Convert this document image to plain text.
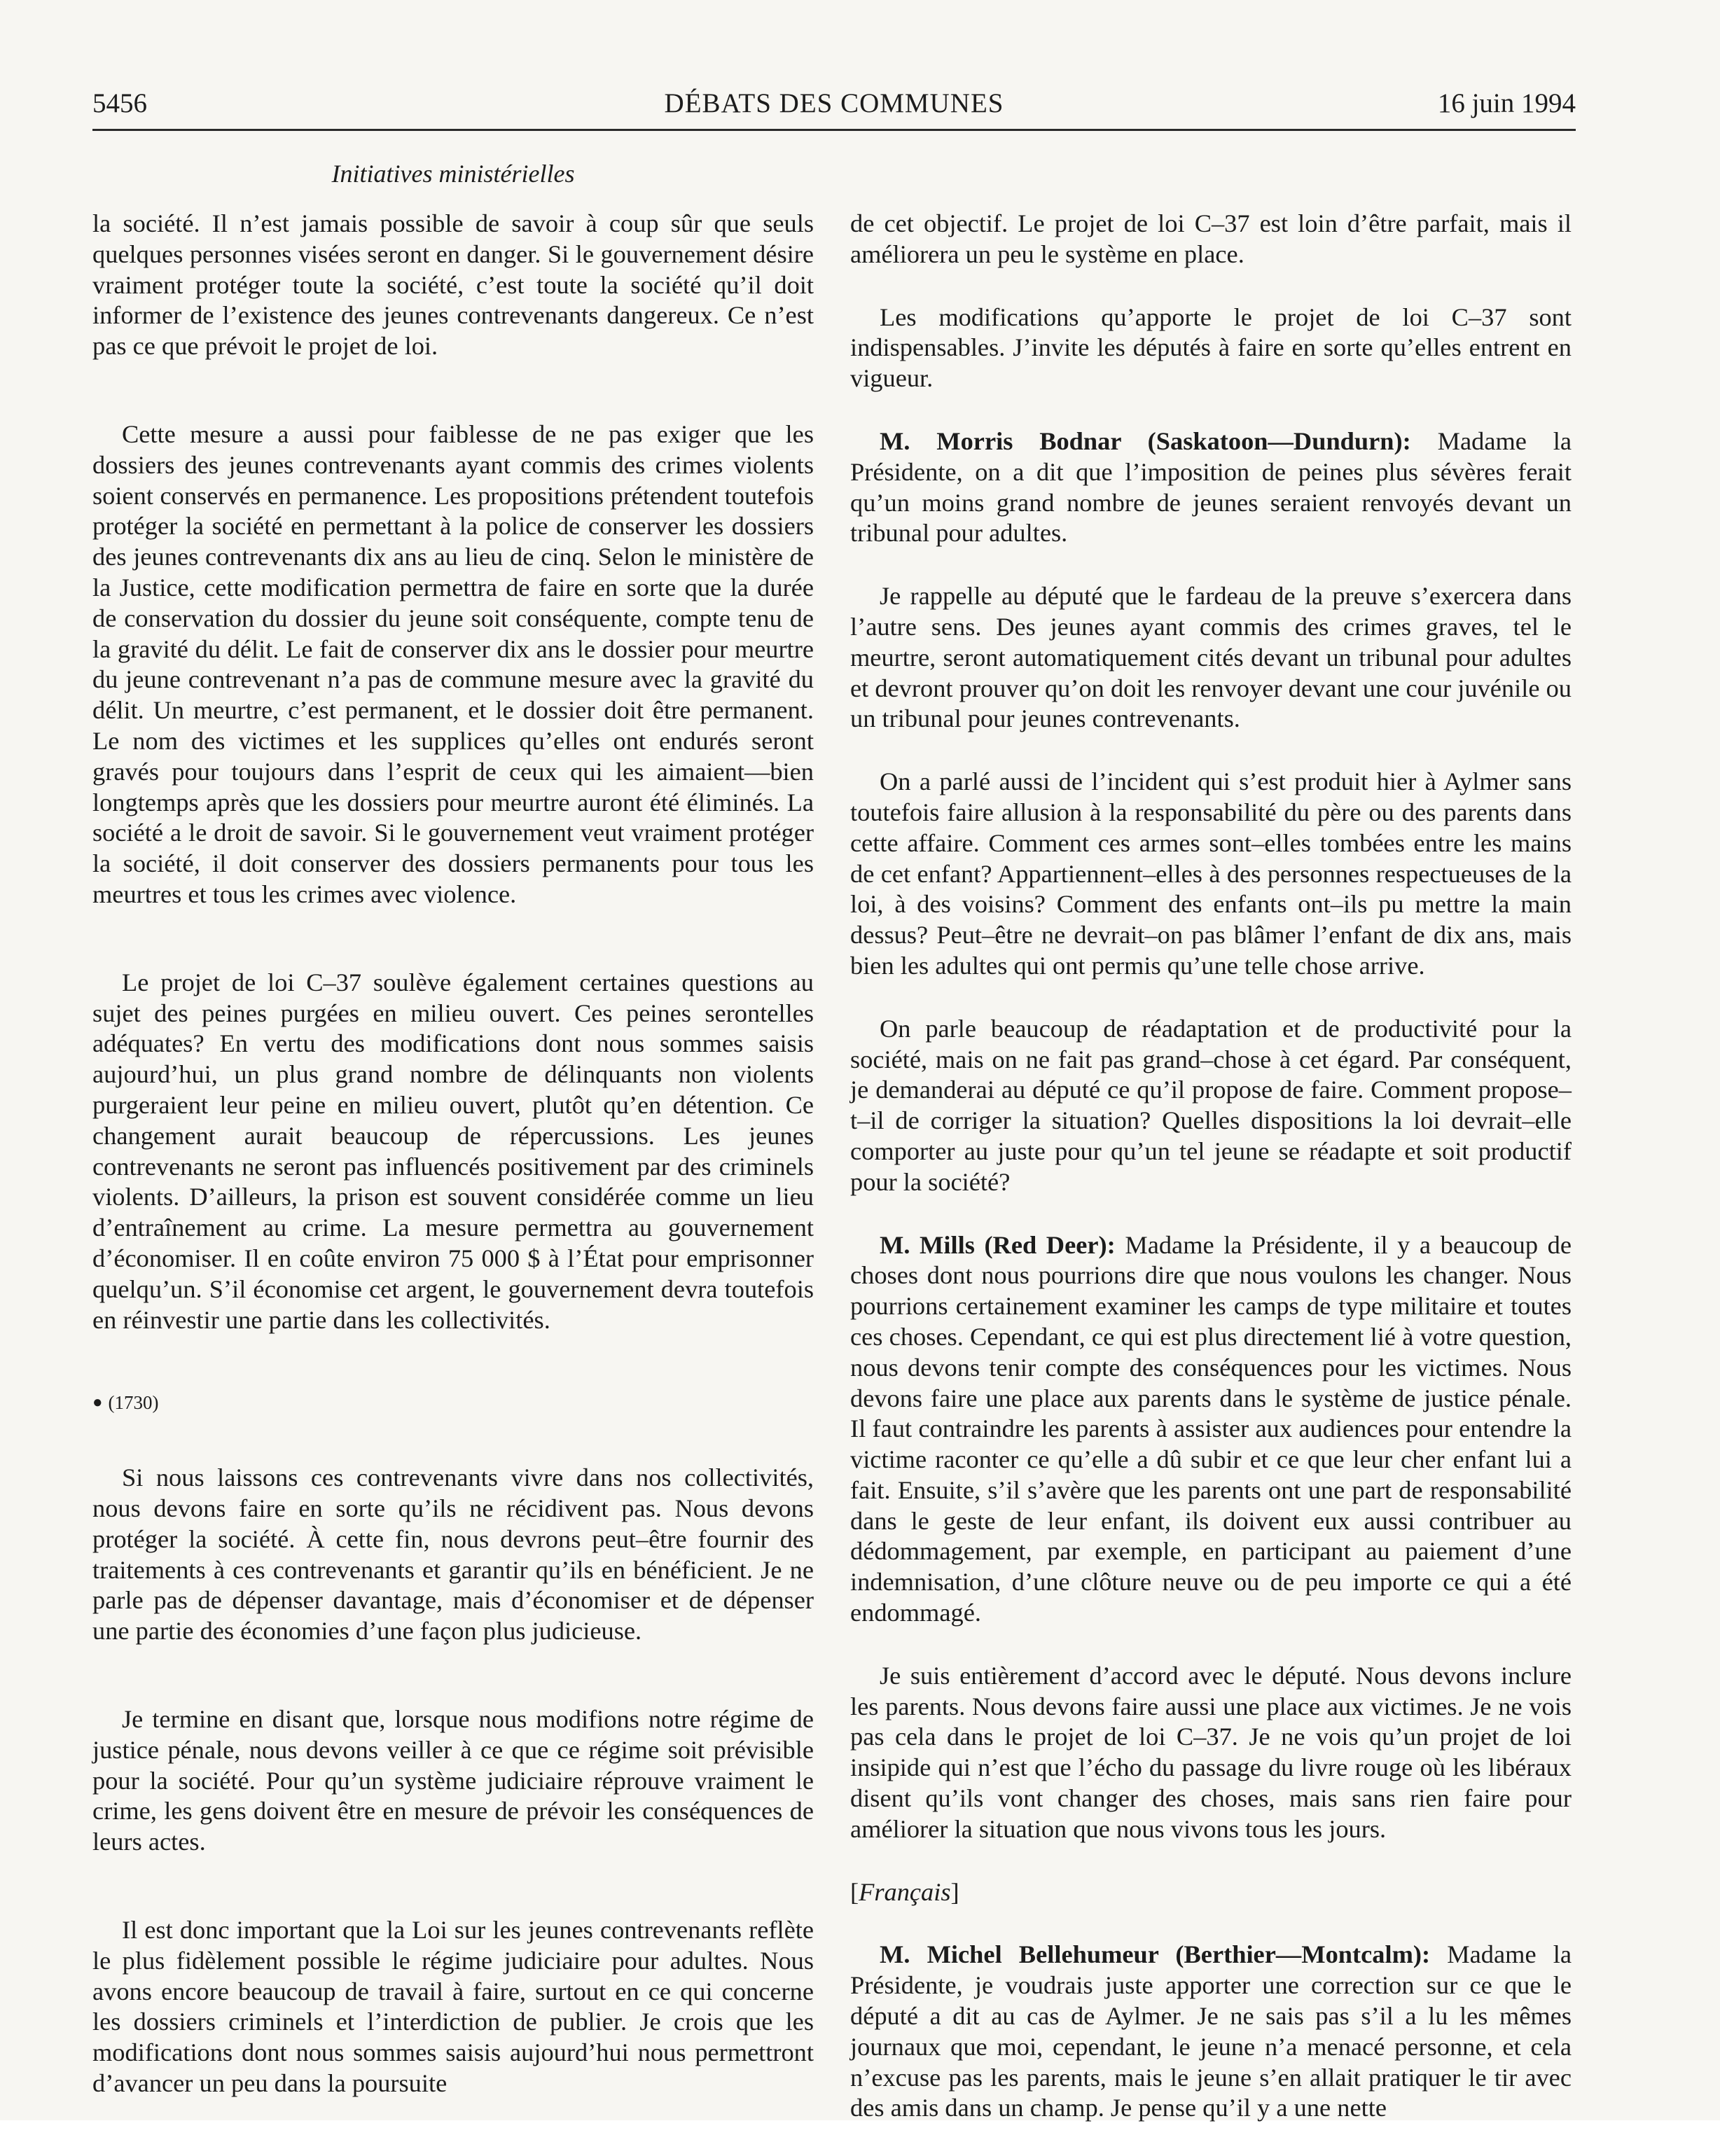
5456	DÉBATS DES COMMUNES	16 juin 1994
Initiatives ministérielles

la société. Il n’est jamais possible de savoir à coup sûr que seuls quelques personnes visées seront en danger. Si le gouvernement désire vraiment protéger toute la société, c’est toute la société qu’il doit informer de l’existence des jeunes contrevenants dangereux. Ce n’est pas ce que prévoit le projet de loi.

Cette mesure a aussi pour faiblesse de ne pas exiger que les dossiers des jeunes contrevenants ayant commis des crimes violents soient conservés en permanence. Les propositions prétendent toutefois protéger la société en permettant à la police de conserver les dossiers des jeunes contrevenants dix ans au lieu de cinq. Selon le ministère de la Justice, cette modification permettra de faire en sorte que la durée de conservation du dossier du jeune soit conséquente, compte tenu de la gravité du délit. Le fait de conserver dix ans le dossier pour meurtre du jeune contrevenant n’a pas de commune mesure avec la gravité du délit. Un meurtre, c’est permanent, et le dossier doit être permanent. Le nom des victimes et les supplices qu’elles ont endurés seront gravés pour toujours dans l’esprit de ceux qui les aimaient—bien longtemps après que les dossiers pour meurtre auront été éliminés. La société a le droit de savoir. Si le gouvernement veut vraiment protéger la société, il doit conserver des dossiers permanents pour tous les meurtres et tous les crimes avec violence.

Le projet de loi C–37 soulève également certaines questions au sujet des peines purgées en milieu ouvert. Ces peines serontelles adéquates? En vertu des modifications dont nous sommes saisis aujourd’hui, un plus grand nombre de délinquants non violents purgeraient leur peine en milieu ouvert, plutôt qu’en détention. Ce changement aurait beaucoup de répercussions. Les jeunes contrevenants ne seront pas influencés positivement par des criminels violents. D’ailleurs, la prison est souvent considérée comme un lieu d’entraînement au crime. La mesure permettra au gouvernement d’économiser. Il en coûte environ 75 000 $ à l’État pour emprisonner quelqu’un. S’il économise cet argent, le gouvernement devra toutefois en réinvestir une partie dans les collectivités.

● (1730)

Si nous laissons ces contrevenants vivre dans nos collectivités, nous devons faire en sorte qu’ils ne récidivent pas. Nous devons protéger la société. À cette fin, nous devrons peut–être fournir des traitements à ces contrevenants et garantir qu’ils en bénéficient. Je ne parle pas de dépenser davantage, mais d’économiser et de dépenser une partie des économies d’une façon plus judicieuse.

Je termine en disant que, lorsque nous modifions notre régime de justice pénale, nous devons veiller à ce que ce régime soit prévisible pour la société. Pour qu’un système judiciaire réprouve vraiment le crime, les gens doivent être en mesure de prévoir les conséquences de leurs actes.

Il est donc important que la Loi sur les jeunes contrevenants reflète le plus fidèlement possible le régime judiciaire pour adultes. Nous avons encore beaucoup de travail à faire, surtout en ce qui concerne les dossiers criminels et l’interdiction de publier. Je crois que les modifications dont nous sommes saisis aujourd’hui nous permettront d’avancer un peu dans la poursuite

de cet objectif. Le projet de loi C–37 est loin d’être parfait, mais il améliorera un peu le système en place.

Les modifications qu’apporte le projet de loi C–37 sont indispensables. J’invite les députés à faire en sorte qu’elles entrent en vigueur.

M. Morris Bodnar (Saskatoon—Dundurn): Madame la Présidente, on a dit que l’imposition de peines plus sévères ferait qu’un moins grand nombre de jeunes seraient renvoyés devant un tribunal pour adultes.

Je rappelle au député que le fardeau de la preuve s’exercera dans l’autre sens. Des jeunes ayant commis des crimes graves, tel le meurtre, seront automatiquement cités devant un tribunal pour adultes et devront prouver qu’on doit les renvoyer devant une cour juvénile ou un tribunal pour jeunes contrevenants.

On a parlé aussi de l’incident qui s’est produit hier à Aylmer sans toutefois faire allusion à la responsabilité du père ou des parents dans cette affaire. Comment ces armes sont–elles tombées entre les mains de cet enfant? Appartiennent–elles à des personnes respectueuses de la loi, à des voisins? Comment des enfants ont–ils pu mettre la main dessus? Peut–être ne devrait–on pas blâmer l’enfant de dix ans, mais bien les adultes qui ont permis qu’une telle chose arrive.

On parle beaucoup de réadaptation et de productivité pour la société, mais on ne fait pas grand–chose à cet égard. Par conséquent, je demanderai au député ce qu’il propose de faire. Comment propose–t–il de corriger la situation? Quelles dispositions la loi devrait–elle comporter au juste pour qu’un tel jeune se réadapte et soit productif pour la société?

M. Mills (Red Deer): Madame la Présidente, il y a beaucoup de choses dont nous pourrions dire que nous voulons les changer. Nous pourrions certainement examiner les camps de type militaire et toutes ces choses. Cependant, ce qui est plus directement lié à votre question, nous devons tenir compte des conséquences pour les victimes. Nous devons faire une place aux parents dans le système de justice pénale. Il faut contraindre les parents à assister aux audiences pour entendre la victime raconter ce qu’elle a dû subir et ce que leur cher enfant lui a fait. Ensuite, s’il s’avère que les parents ont une part de responsabilité dans le geste de leur enfant, ils doivent eux aussi contribuer au dédommagement, par exemple, en participant au paiement d’une indemnisation, d’une clôture neuve ou de peu importe ce qui a été endommagé.

Je suis entièrement d’accord avec le député. Nous devons inclure les parents. Nous devons faire aussi une place aux victimes. Je ne vois pas cela dans le projet de loi C–37. Je ne vois qu’un projet de loi insipide qui n’est que l’écho du passage du livre rouge où les libéraux disent qu’ils vont changer des choses, mais sans rien faire pour améliorer la situation que nous vivons tous les jours.

[Français]

M. Michel Bellehumeur (Berthier—Montcalm): Madame la Présidente, je voudrais juste apporter une correction sur ce que le député a dit au cas de Aylmer. Je ne sais pas s’il a lu les mêmes journaux que moi, cependant, le jeune n’a menacé personne, et cela n’excuse pas les parents, mais le jeune s’en allait pratiquer le tir avec des amis dans un champ. Je pense qu’il y a une nette
